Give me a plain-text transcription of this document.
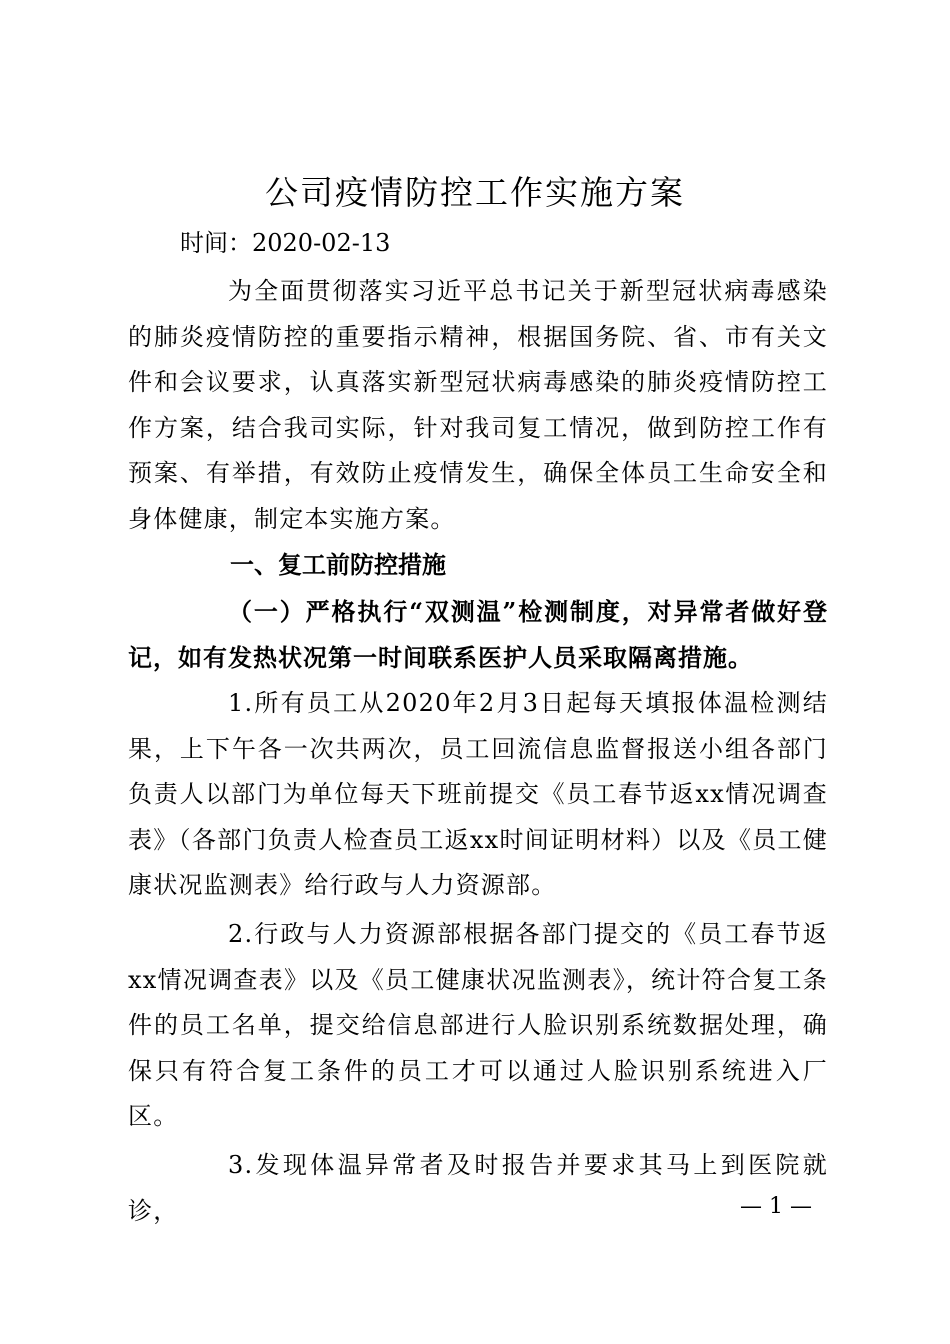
公司疫情防控工作实施方案

时间：2020-02-13

为全面贯彻落实习近平总书记关于新型冠状病毒感染的肺炎疫情防控的重要指示精神，根据国务院、省、市有关文件和会议要求，认真落实新型冠状病毒感染的肺炎疫情防控工作方案，结合我司实际，针对我司复工情况，做到防控工作有预案、有举措，有效防止疫情发生，确保全体员工生命安全和身体健康，制定本实施方案。

一、复工前防控措施

（一）严格执行“双测温”检测制度，对异常者做好登记，如有发热状况第一时间联系医护人员采取隔离措施。

1.所有员工从2020年2月3日起每天填报体温检测结果，上下午各一次共两次，员工回流信息监督报送小组各部门负责人以部门为单位每天下班前提交《员工春节返xx情况调查表》（各部门负责人检查员工返xx时间证明材料）以及《员工健康状况监测表》给行政与人力资源部。

2.行政与人力资源部根据各部门提交的《员工春节返xx情况调查表》以及《员工健康状况监测表》，统计符合复工条件的员工名单，提交给信息部进行人脸识别系统数据处理，确保只有符合复工条件的员工才可以通过人脸识别系统进入厂区。

3.发现体温异常者及时报告并要求其马上到医院就诊，	— 1 —
